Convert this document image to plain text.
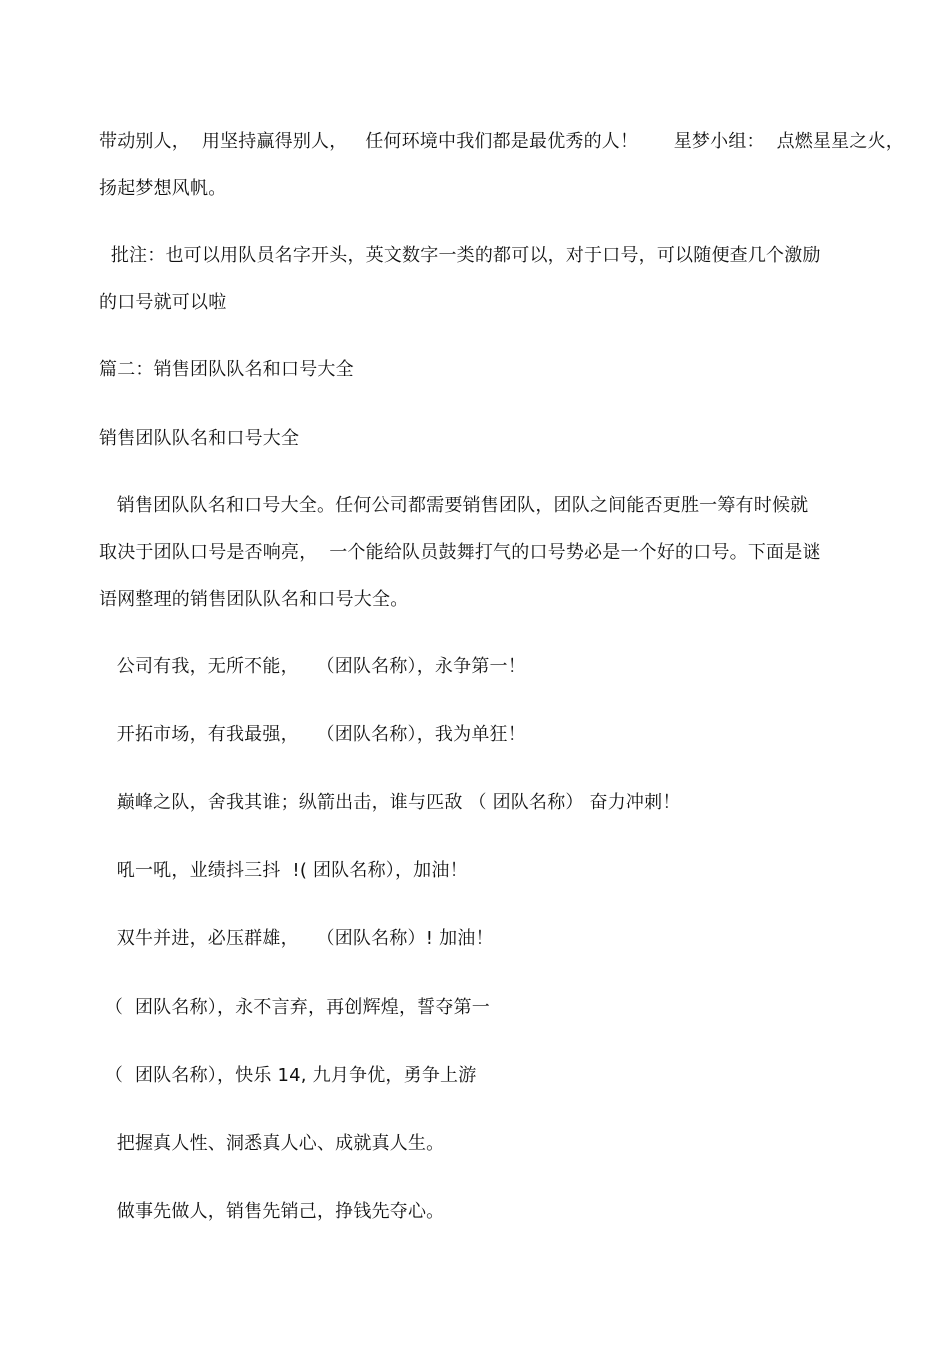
带动别人，  用坚持赢得别人，   任何环境中我们都是最优秀的人！      星梦小组：  点燃星星之火，
扬起梦想风帆。
批注：也可以用队员名字开头，英文数字一类的都可以，对于口号，可以随便查几个激励
的口号就可以啦
篇二：销售团队队名和口号大全
销售团队队名和口号大全
销售团队队名和口号大全。任何公司都需要销售团队，团队之间能否更胜一筹有时候就
取决于团队口号是否响亮，  一个能给队员鼓舞打气的口号势必是一个好的口号。下面是谜
语网整理的销售团队队名和口号大全。
公司有我，无所不能，   （团队名称），永争第一！
开拓市场，有我最强，   （团队名称），我为单狂！
巅峰之队，舍我其谁；纵箭出击，谁与匹敌 （ 团队名称） 奋力冲刺！
吼一吼，业绩抖三抖  !( 团队名称），加油！
双牛并进，必压群雄，   （团队名称）! 加油！
（  团队名称），永不言弃，再创辉煌，誓夺第一
（  团队名称），快乐 14, 九月争优，勇争上游
把握真人性、洞悉真人心、成就真人生。
做事先做人，销售先销己，挣钱先夺心。
